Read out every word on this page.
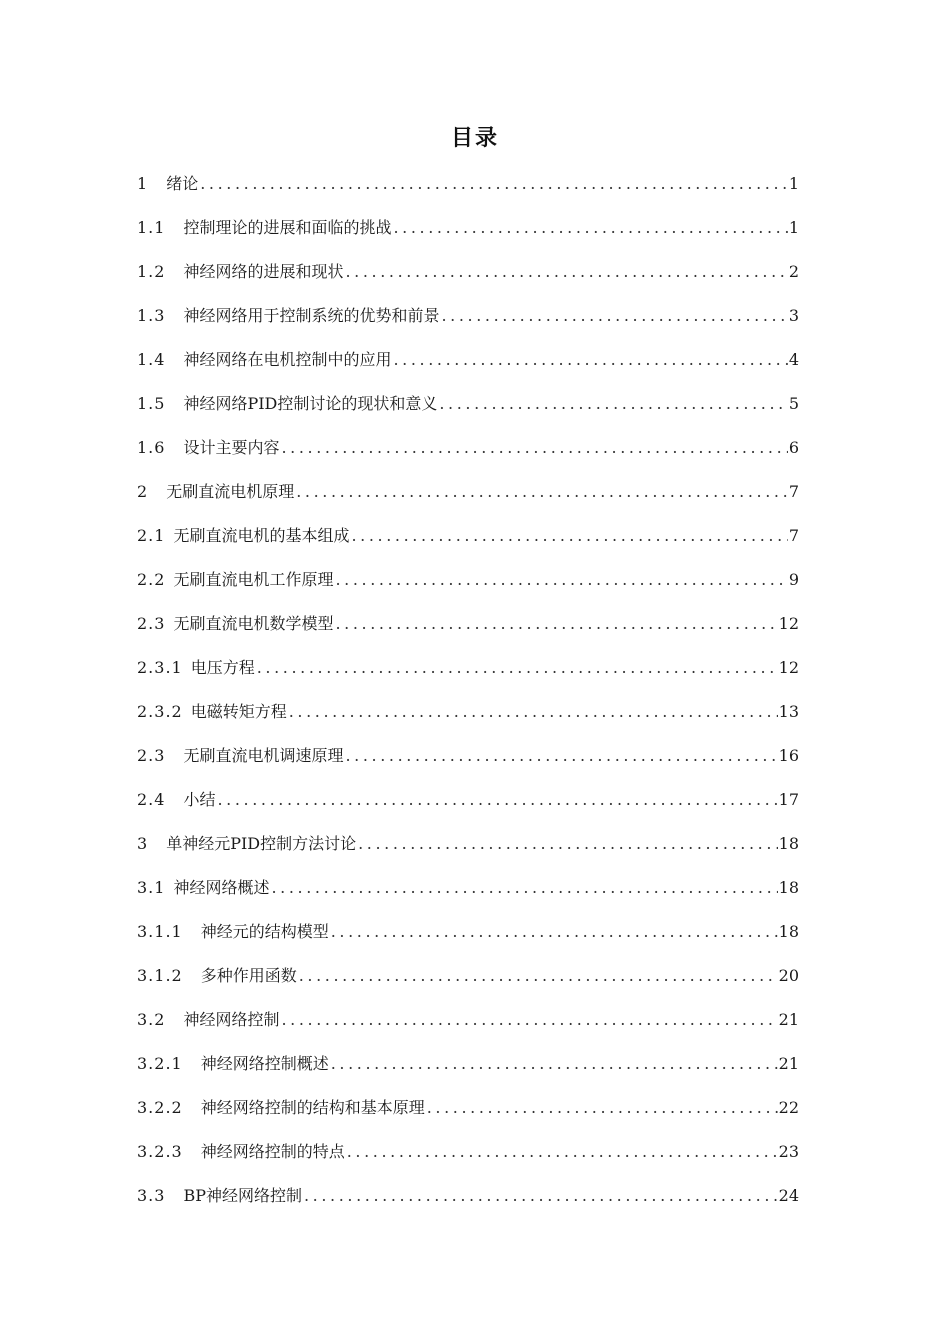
目录
1 绪论 .....	1
1.1 控制理论的进展和面临的挑战 .....	1
1.2 神经网络的进展和现状 .....	2
1.3 神经网络用于控制系统的优势和前景 .....	3
1.4 神经网络在电机控制中的应用 .....	4
1.5 神经网络PID控制讨论的现状和意义 .....	5
1.6 设计主要内容 .....	6
2 无刷直流电机原理 .....	7
2.1 无刷直流电机的基本组成 .....	7
2.2 无刷直流电机工作原理 .....	9
2.3 无刷直流电机数学模型 .....	12
2.3.1 电压方程 .....	12
2.3.2 电磁转矩方程 .....	13
2.3 无刷直流电机调速原理 .....	16
2.4 小结 .....	17
3 单神经元PID控制方法讨论 .....	18
3.1 神经网络概述 .....	18
3.1.1 神经元的结构模型 .....	18
3.1.2 多种作用函数 .....	20
3.2 神经网络控制 .....	21
3.2.1 神经网络控制概述 .....	21
3.2.2 神经网络控制的结构和基本原理 .....	22
3.2.3 神经网络控制的特点 .....	23
3.3 BP神经网络控制 .....	24
